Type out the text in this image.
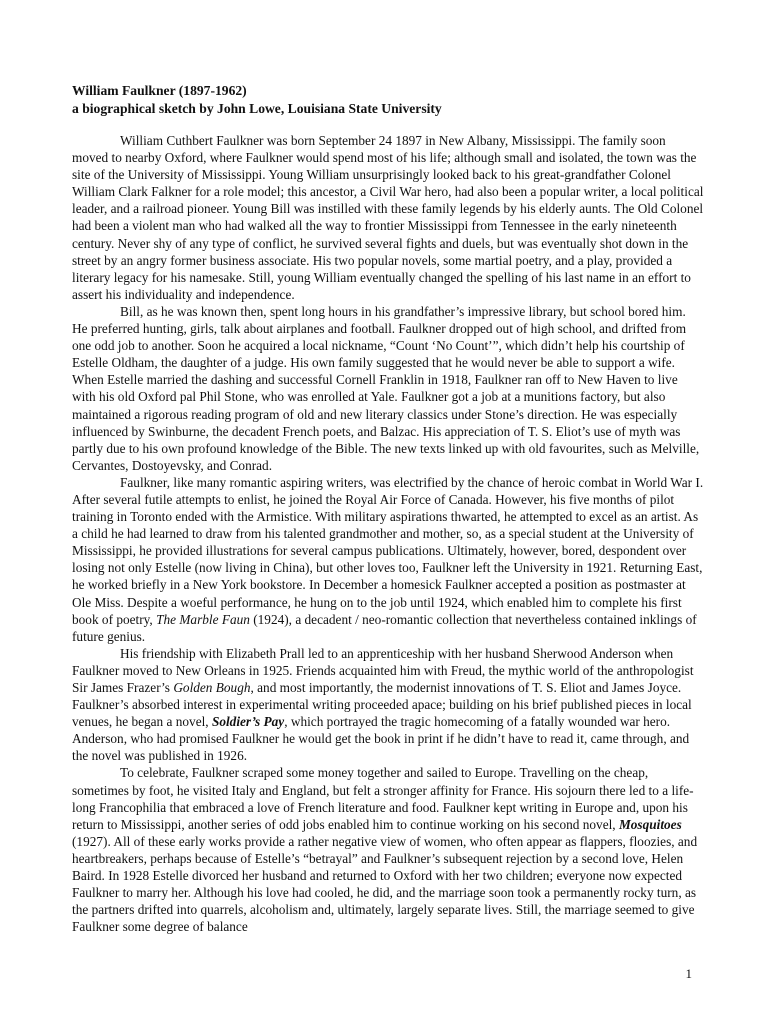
William Faulkner (1897-1962)

a biographical sketch by John Lowe, Louisiana State University

William Cuthbert Faulkner was born September 24 1897 in New Albany, Mississippi. The family soon moved to nearby Oxford, where Faulkner would spend most of his life; although small and isolated, the town was the site of the University of Mississippi. Young William unsurprisingly looked back to his great-grandfather Colonel William Clark Falkner for a role model; this ancestor, a Civil War hero, had also been a popular writer, a local political leader, and a railroad pioneer. Young Bill was instilled with these family legends by his elderly aunts. The Old Colonel had been a violent man who had walked all the way to frontier Mississippi from Tennessee in the early nineteenth century. Never shy of any type of conflict, he survived several fights and duels, but was eventually shot down in the street by an angry former business associate. His two popular novels, some martial poetry, and a play, provided a literary legacy for his namesake. Still, young William eventually changed the spelling of his last name in an effort to assert his individuality and independence.

Bill, as he was known then, spent long hours in his grandfather’s impressive library, but school bored him. He preferred hunting, girls, talk about airplanes and football. Faulkner dropped out of high school, and drifted from one odd job to another. Soon he acquired a local nickname, “Count ‘No Count’”, which didn’t help his courtship of Estelle Oldham, the daughter of a judge. His own family suggested that he would never be able to support a wife. When Estelle married the dashing and successful Cornell Franklin in 1918, Faulkner ran off to New Haven to live with his old Oxford pal Phil Stone, who was enrolled at Yale. Faulkner got a job at a munitions factory, but also maintained a rigorous reading program of old and new literary classics under Stone’s direction. He was especially influenced by Swinburne, the decadent French poets, and Balzac. His appreciation of T. S. Eliot’s use of myth was partly due to his own profound knowledge of the Bible. The new texts linked up with old favourites, such as Melville, Cervantes, Dostoyevsky, and Conrad.

Faulkner, like many romantic aspiring writers, was electrified by the chance of heroic combat in World War I. After several futile attempts to enlist, he joined the Royal Air Force of Canada. However, his five months of pilot training in Toronto ended with the Armistice. With military aspirations thwarted, he attempted to excel as an artist. As a child he had learned to draw from his talented grandmother and mother, so, as a special student at the University of Mississippi, he provided illustrations for several campus publications. Ultimately, however, bored, despondent over losing not only Estelle (now living in China), but other loves too, Faulkner left the University in 1921. Returning East, he worked briefly in a New York bookstore. In December a homesick Faulkner accepted a position as postmaster at Ole Miss. Despite a woeful performance, he hung on to the job until 1924, which enabled him to complete his first book of poetry, The Marble Faun (1924), a decadent / neo-romantic collection that nevertheless contained inklings of future genius.

His friendship with Elizabeth Prall led to an apprenticeship with her husband Sherwood Anderson when Faulkner moved to New Orleans in 1925. Friends acquainted him with Freud, the mythic world of the anthropologist Sir James Frazer’s Golden Bough, and most importantly, the modernist innovations of T. S. Eliot and James Joyce. Faulkner’s absorbed interest in experimental writing proceeded apace; building on his brief published pieces in local venues, he began a novel, Soldier’s Pay, which portrayed the tragic homecoming of a fatally wounded war hero. Anderson, who had promised Faulkner he would get the book in print if he didn’t have to read it, came through, and the novel was published in 1926.

To celebrate, Faulkner scraped some money together and sailed to Europe. Travelling on the cheap, sometimes by foot, he visited Italy and England, but felt a stronger affinity for France. His sojourn there led to a life-long Francophilia that embraced a love of French literature and food. Faulkner kept writing in Europe and, upon his return to Mississippi, another series of odd jobs enabled him to continue working on his second novel, Mosquitoes (1927). All of these early works provide a rather negative view of women, who often appear as flappers, floozies, and heartbreakers, perhaps because of Estelle’s “betrayal” and Faulkner’s subsequent rejection by a second love, Helen Baird. In 1928 Estelle divorced her husband and returned to Oxford with her two children; everyone now expected Faulkner to marry her. Although his love had cooled, he did, and the marriage soon took a permanently rocky turn, as the partners drifted into quarrels, alcoholism and, ultimately, largely separate lives. Still, the marriage seemed to give Faulkner some degree of balance

1
